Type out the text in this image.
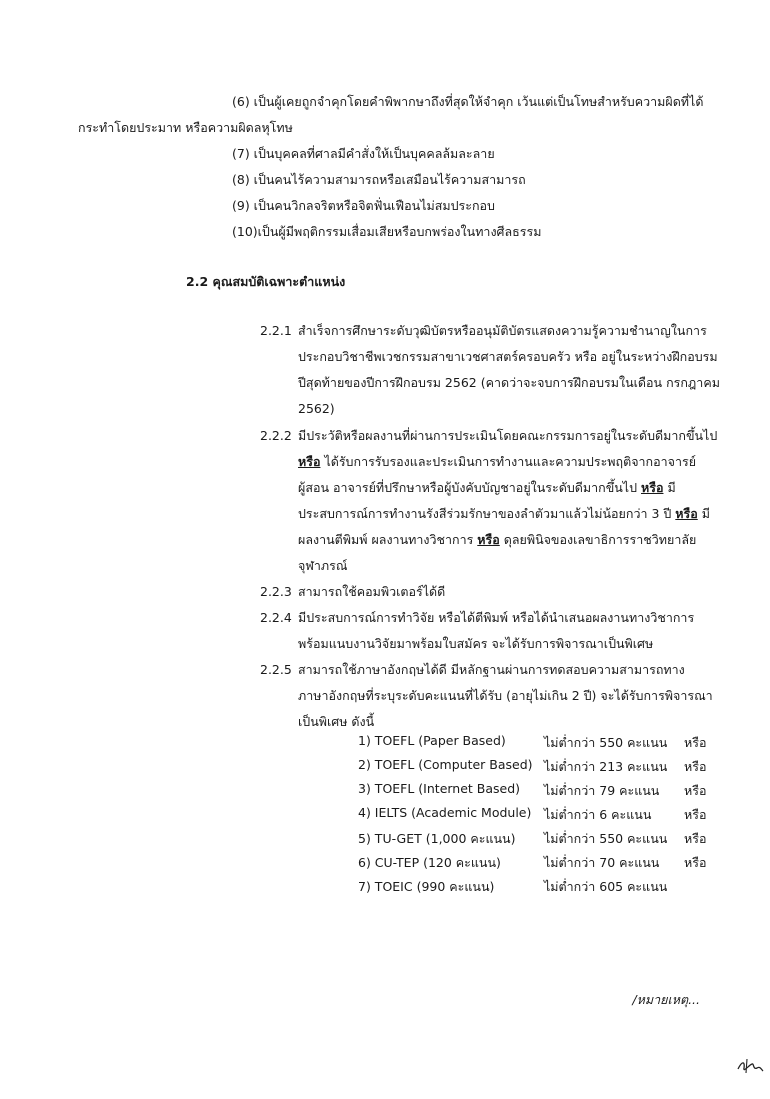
(6) เป็นผู้เคยถูกจำคุกโดยคำพิพากษาถึงที่สุดให้จำคุก เว้นแต่เป็นโทษสำหรับความผิดที่ได้
กระทำโดยประมาท หรือความผิดลหุโทษ
(7) เป็นบุคคลที่ศาลมีคำสั่งให้เป็นบุคคลล้มละลาย
(8) เป็นคนไร้ความสามารถหรือเสมือนไร้ความสามารถ
(9) เป็นคนวิกลจริตหรือจิตฟั่นเฟือนไม่สมประกอบ
(10)เป็นผู้มีพฤติกรรมเสื่อมเสียหรือบกพร่องในทางศีลธรรม
2.2 คุณสมบัติเฉพาะตำแหน่ง
2.2.1 สำเร็จการศึกษาระดับวุฒิบัตรหรืออนุมัติบัตรแสดงความรู้ความชำนาญในการ
ประกอบวิชาชีพเวชกรรมสาขาเวชศาสตร์ครอบครัว หรือ อยู่ในระหว่างฝึกอบรม
ปีสุดท้ายของปีการฝึกอบรม 2562 (คาดว่าจะจบการฝึกอบรมในเดือน กรกฎาคม
2562)
2.2.2 มีประวัติหรือผลงานที่ผ่านการประเมินโดยคณะกรรมการอยู่ในระดับดีมากขึ้นไป
หรือ ได้รับการรับรองและประเมินการทำงานและความประพฤติจากอาจารย์
ผู้สอน อาจารย์ที่ปรึกษาหรือผู้บังคับบัญชาอยู่ในระดับดีมากขึ้นไป หรือ มี
ประสบการณ์การทำงานรังสีร่วมรักษาของลำตัวมาแล้วไม่น้อยกว่า 3 ปี หรือ มี
ผลงานตีพิมพ์ ผลงานทางวิชาการ หรือ ดุลยพินิจของเลขาธิการราชวิทยาลัย
จุฬาภรณ์
2.2.3 สามารถใช้คอมพิวเตอร์ได้ดี
2.2.4 มีประสบการณ์การทำวิจัย หรือได้ตีพิมพ์ หรือได้นำเสนอผลงานทางวิชาการ
พร้อมแนบงานวิจัยมาพร้อมใบสมัคร จะได้รับการพิจารณาเป็นพิเศษ
2.2.5 สามารถใช้ภาษาอังกฤษได้ดี มีหลักฐานผ่านการทดสอบความสามารถทาง
ภาษาอังกฤษที่ระบุระดับคะแนนที่ได้รับ (อายุไม่เกิน 2 ปี) จะได้รับการพิจารณา
เป็นพิเศษ ดังนี้
1) TOEFL (Paper Based)	ไม่ต่ำกว่า 550 คะแนน หรือ
2) TOEFL (Computer Based) ไม่ต่ำกว่า 213 คะแนน หรือ
3) TOEFL (Internet Based) ไม่ต่ำกว่า 79 คะแนน หรือ
4) IELTS (Academic Module) ไม่ต่ำกว่า 6 คะแนน	หรือ
5) TU-GET (1,000 คะแนน) ไม่ต่ำกว่า 550 คะแนน หรือ
6) CU-TEP (120 คะแนน)	ไม่ต่ำกว่า 70 คะแนน หรือ
7) TOEIC (990 คะแนน)	ไม่ต่ำกว่า 605 คะแนน
/หมายเหตุ...
